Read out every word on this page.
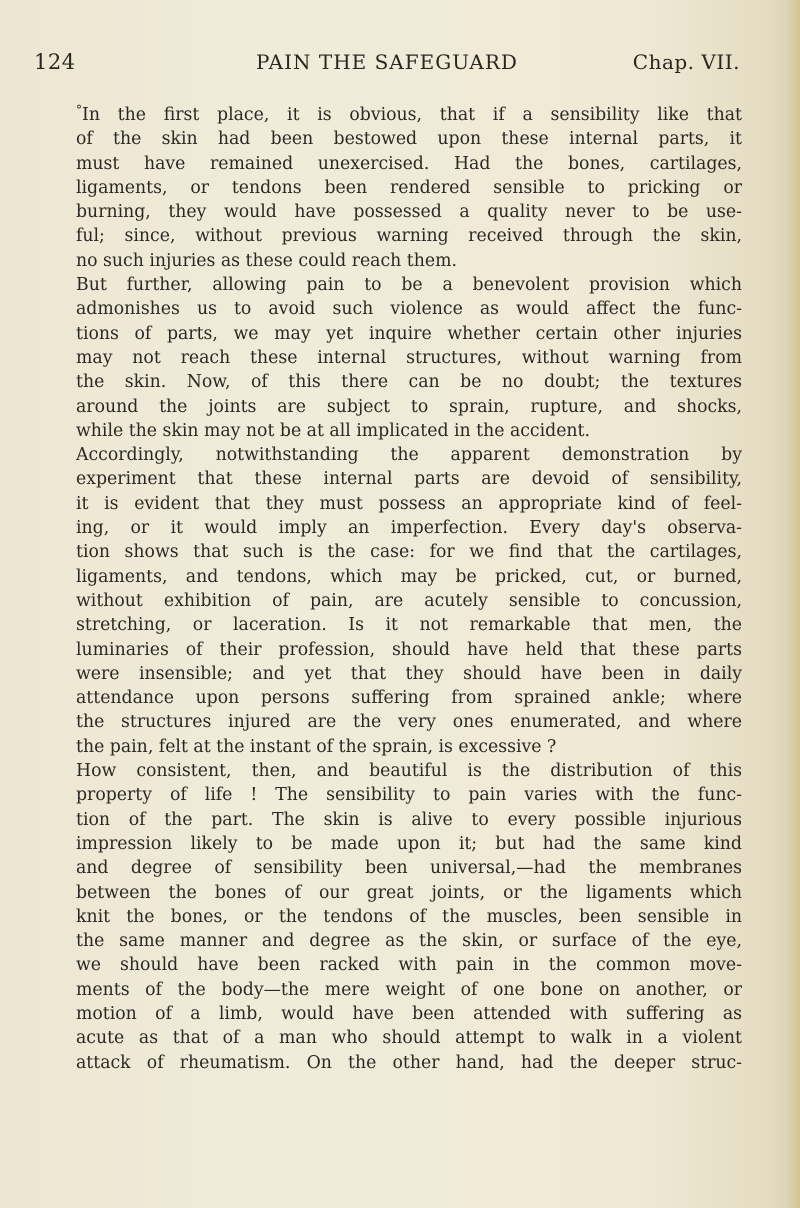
124	PAIN THE SAFEGUARD	Chap. VII.

°In the first place, it is obvious, that if a sensibility like that
of the skin had been bestowed upon these internal parts, it
must have remained unexercised. Had the bones, cartilages,
ligaments, or tendons been rendered sensible to pricking or
burning, they would have possessed a quality never to be use-
ful; since, without previous warning received through the skin,
no such injuries as these could reach them.

But further, allowing pain to be a benevolent provision which
admonishes us to avoid such violence as would affect the func-
tions of parts, we may yet inquire whether certain other injuries
may not reach these internal structures, without warning from
the skin. Now, of this there can be no doubt; the textures
around the joints are subject to sprain, rupture, and shocks,
while the skin may not be at all implicated in the accident.

Accordingly, notwithstanding the apparent demonstration by
experiment that these internal parts are devoid of sensibility,
it is evident that they must possess an appropriate kind of feel-
ing, or it would imply an imperfection. Every day's observa-
tion shows that such is the case: for we find that the cartilages,
ligaments, and tendons, which may be pricked, cut, or burned,
without exhibition of pain, are acutely sensible to concussion,
stretching, or laceration. Is it not remarkable that men, the
luminaries of their profession, should have held that these parts
were insensible; and yet that they should have been in daily
attendance upon persons suffering from sprained ankle; where
the structures injured are the very ones enumerated, and where
the pain, felt at the instant of the sprain, is excessive ?

How consistent, then, and beautiful is the distribution of this
property of life ! The sensibility to pain varies with the func-
tion of the part. The skin is alive to every possible injurious
impression likely to be made upon it; but had the same kind
and degree of sensibility been universal,—had the membranes
between the bones of our great joints, or the ligaments which
knit the bones, or the tendons of the muscles, been sensible in
the same manner and degree as the skin, or surface of the eye,
we should have been racked with pain in the common move-
ments of the body—the mere weight of one bone on another, or
motion of a limb, would have been attended with suffering as
acute as that of a man who should attempt to walk in a violent
attack of rheumatism. On the other hand, had the deeper struc-
